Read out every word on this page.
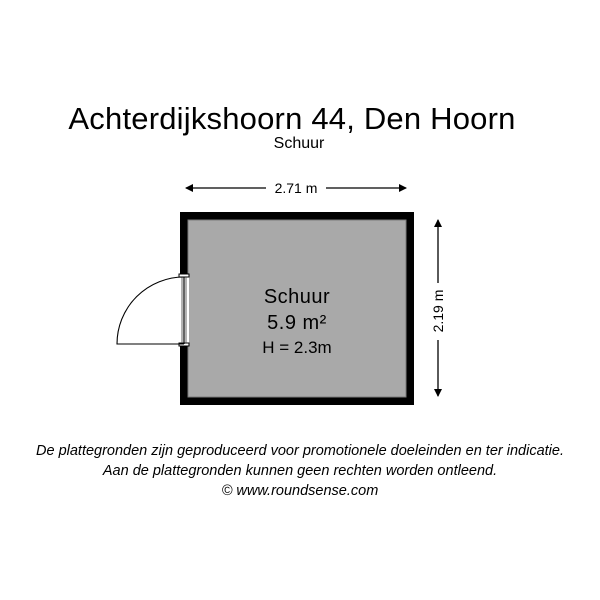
Achterdijkshoorn 44, Den Hoorn
Schuur
2.71 m
2.19 m
Schuur
5.9 m²
H = 2.3m
De plattegronden zijn geproduceerd voor promotionele doeleinden en ter indicatie.
Aan de plattegronden kunnen geen rechten worden ontleend.
© www.roundsense.com
